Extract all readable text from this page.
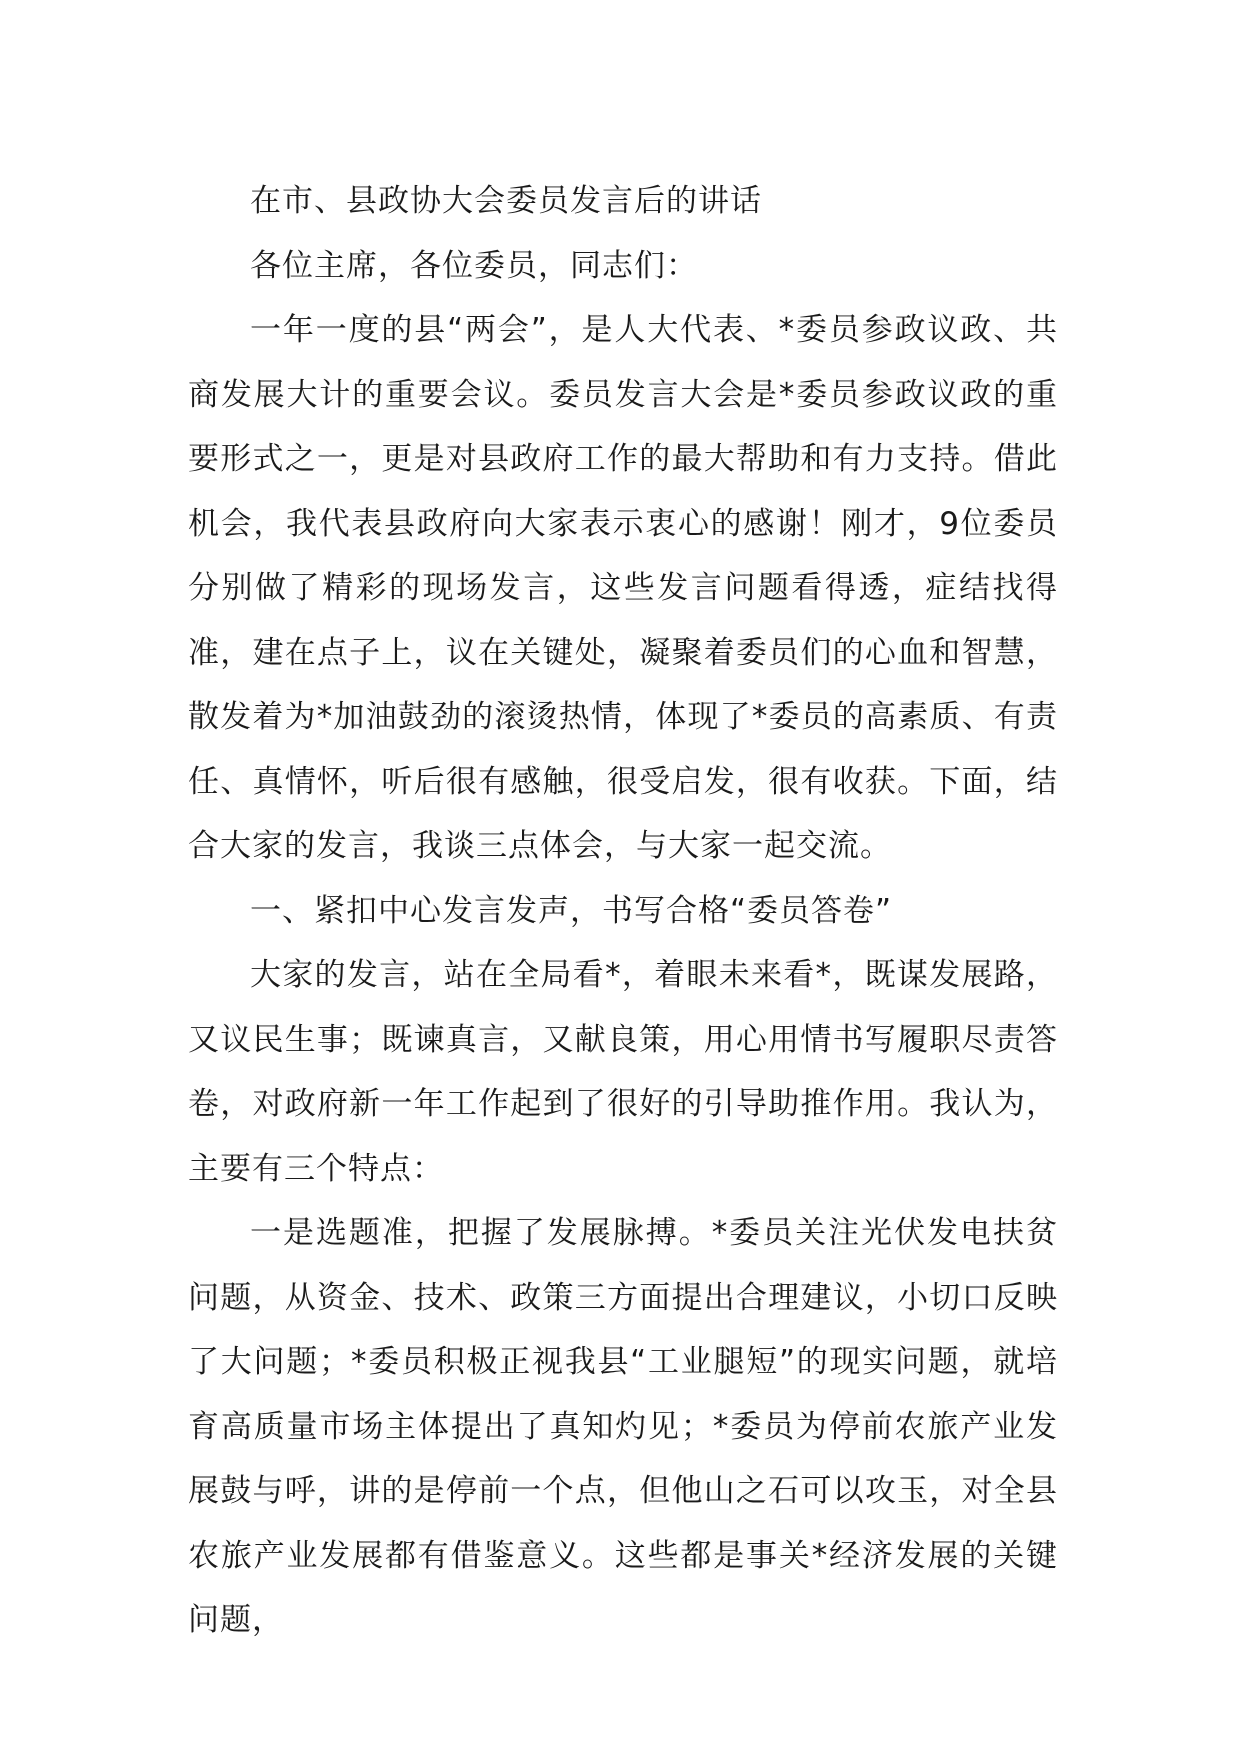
在市、县政协大会委员发言后的讲话

各位主席，各位委员，同志们：

一年一度的县“两会”，是人大代表、*委员参政议政、共商发展大计的重要会议。委员发言大会是*委员参政议政的重要形式之一，更是对县政府工作的最大帮助和有力支持。借此机会，我代表县政府向大家表示衷心的感谢！刚才，9位委员分别做了精彩的现场发言，这些发言问题看得透，症结找得准，建在点子上，议在关键处，凝聚着委员们的心血和智慧，散发着为*加油鼓劲的滚烫热情，体现了*委员的高素质、有责任、真情怀，听后很有感触，很受启发，很有收获。下面，结合大家的发言，我谈三点体会，与大家一起交流。

一、紧扣中心发言发声，书写合格“委员答卷”

大家的发言，站在全局看*，着眼未来看*，既谋发展路，又议民生事；既谏真言，又献良策，用心用情书写履职尽责答卷，对政府新一年工作起到了很好的引导助推作用。我认为，主要有三个特点：

一是选题准，把握了发展脉搏。*委员关注光伏发电扶贫问题，从资金、技术、政策三方面提出合理建议，小切口反映了大问题；*委员积极正视我县“工业腿短”的现实问题，就培育高质量市场主体提出了真知灼见；*委员为停前农旅产业发展鼓与呼，讲的是停前一个点，但他山之石可以攻玉，对全县农旅产业发展都有借鉴意义。这些都是事关*经济发展的关键问题，
